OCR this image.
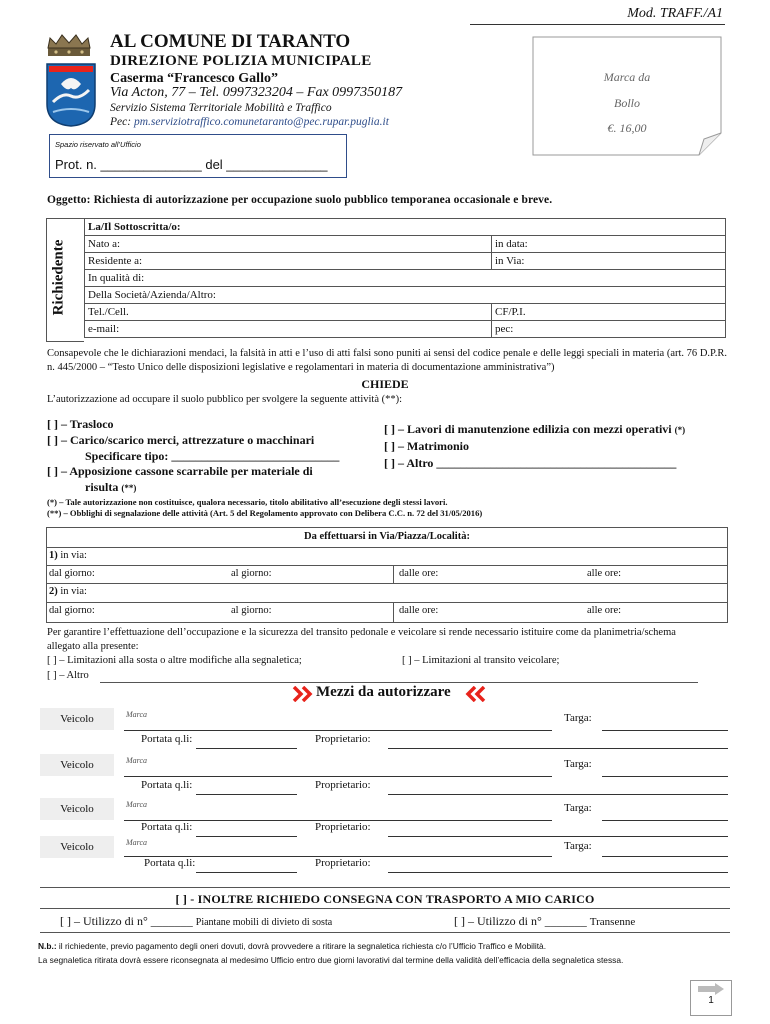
Mod. TRAFF./A1
AL COMUNE DI TARANTO
DIREZIONE POLIZIA MUNICIPALE
Caserma “Francesco Gallo”
Via Acton, 77 – Tel. 0997323204 – Fax 0997350187
Servizio Sistema Territoriale Mobilità e Traffico
Pec: pm.serviziotraffico.comunetaranto@pec.rupar.puglia.it
Marca da
Bollo
€. 16,00
Spazio riservato all’Ufficio
Prot. n. ______________ del ______________
Oggetto: Richiesta di autorizzazione per occupazione suolo pubblico temporanea occasionale e breve.
Richiedente
La/Il Sottoscritta/o:	
Nato a:	in data:
Residente a:	in Via:
In qualità di:	
Della Società/Azienda/Altro:	
Tel./Cell.	CF/P.I.
e-mail:	pec:
Consapevole che le dichiarazioni mendaci, la falsità in atti e l’uso di atti falsi sono puniti ai sensi del codice penale e delle leggi speciali in materia (art. 76 D.P.R. n. 445/2000 – “Testo Unico delle disposizioni legislative e regolamentari in materia di documentazione amministrativa”)
CHIEDE
L’autorizzazione ad occupare il suolo pubblico per svolgere la seguente attività (**):
[ ] – Trasloco
[ ] – Carico/scarico merci, attrezzature o macchinari
Specificare tipo: ____________________________
[ ] – Apposizione cassone scarrabile per materiale di
risulta (**)
[ ] – Lavori di manutenzione edilizia con mezzi operativi (*)
[ ] – Matrimonio
[ ] – Altro ________________________________________
(*) – Tale autorizzazione non costituisce, qualora necessario, titolo abilitativo all’esecuzione degli stessi lavori.
(**) – Obblighi di segnalazione delle attività (Art. 5 del Regolamento approvato con Delibera C.C. n. 72 del 31/05/2016)
Da effettuarsi in Via/Piazza/Località:
1) in via:
dal giorno:	al giorno:	dalle ore:	alle ore:
2) in via:
dal giorno:	al giorno:	dalle ore:	alle ore:
Per garantire l’effettuazione dell’occupazione e la sicurezza del transito pedonale e veicolare si rende necessario istituire come da planimetria/schema allegato alla presente:
[ ] – Limitazioni alla sosta o altre modifiche alla segnaletica;	[ ] – Limitazioni al transito veicolare;
[ ] – Altro
Mezzi da autorizzare
Veicolo	Marca	Targa:
Portata q.li:	Proprietario:
Veicolo	Marca	Targa:
Portata q.li:	Proprietario:
Veicolo	Marca	Targa:
Portata q.li:	Proprietario:
Veicolo	Marca	Targa:
Portata q.li:	Proprietario:
[ ] - INOLTRE RICHIEDO CONSEGNA CON TRASPORTO A MIO CARICO
[ ] – Utilizzo di n° _______ Piantane mobili di divieto di sosta	[ ] – Utilizzo di n° _______ Transenne
N.b.: il richiedente, previo pagamento degli oneri dovuti, dovrà provvedere a ritirare la segnaletica richiesta c/o l’Ufficio Traffico e Mobilità.
La segnaletica ritirata dovrà essere riconsegnata al medesimo Ufficio entro due giorni lavorativi dal termine della validità dell’efficacia della segnaletica stessa.
1
